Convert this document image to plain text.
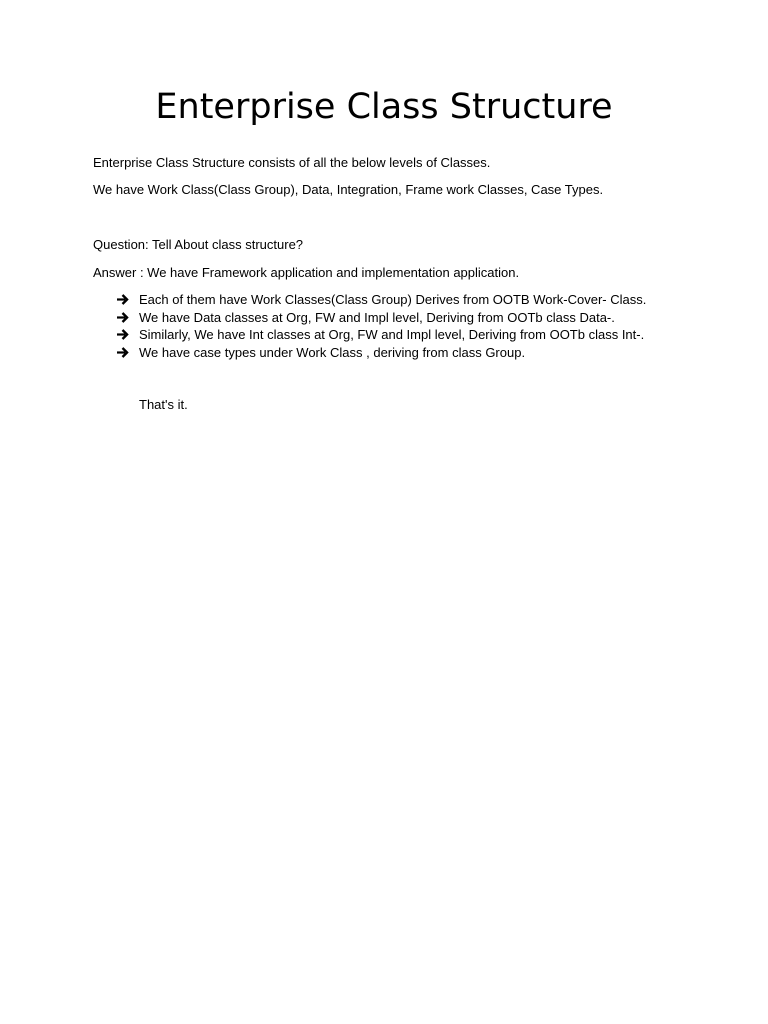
Enterprise Class Structure

Enterprise Class Structure consists of all the below levels of Classes.

We have Work Class(Class Group), Data, Integration, Frame work Classes, Case Types.

Question: Tell About class structure?

Answer : We have Framework application and implementation application.

Each of them have Work Classes(Class Group) Derives from OOTB Work-Cover- Class.
We have Data classes at Org, FW and Impl level, Deriving from OOTb class Data-.
Similarly, We have Int classes at Org, FW and Impl level, Deriving from OOTb class Int-.
We have case types under Work Class , deriving from class Group.

That's it.
